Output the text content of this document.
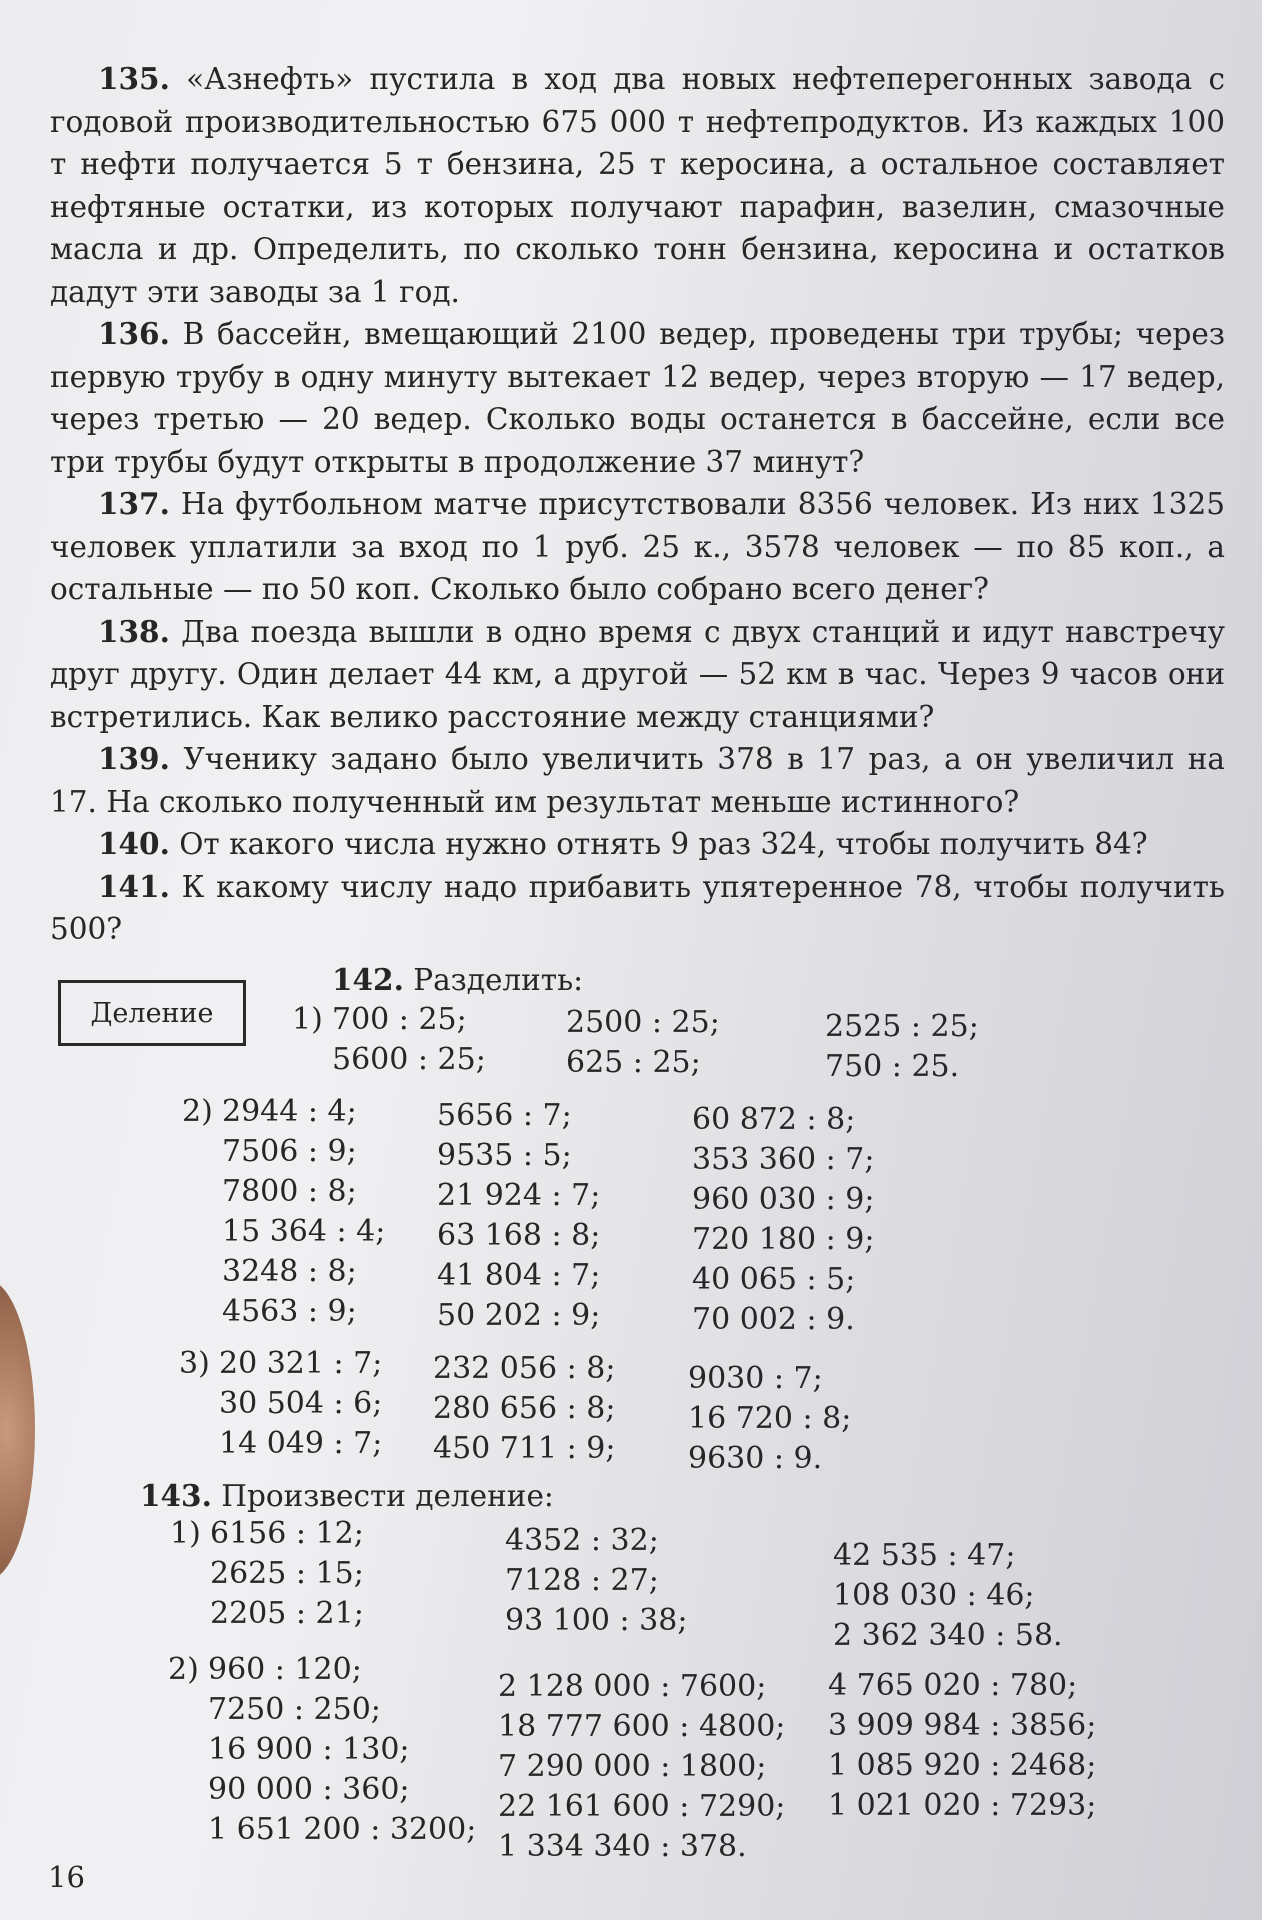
135. «Азнефть» пустила в ход два новых нефтеперегонных завода с годовой производительностью 675 000 т нефтепродуктов. Из каждых 100 т нефти получается 5 т бензина, 25 т керосина, а остальное составляет нефтяные остатки, из которых получают парафин, вазелин, смазочные масла и др. Определить, по сколько тонн бензина, керосина и остатков дадут эти заводы за 1 год.

136. В бассейн, вмещающий 2100 ведер, проведены три трубы; через первую трубу в одну минуту вытекает 12 ведер, через вторую — 17 ведер, через третью — 20 ведер. Сколько воды останется в бассейне, если все три трубы будут открыты в продолжение 37 минут?

137. На футбольном матче присутствовали 8356 человек. Из них 1325 человек уплатили за вход по 1 руб. 25 к., 3578 человек — по 85 коп., а остальные — по 50 коп. Сколько было собрано всего денег?

138. Два поезда вышли в одно время с двух станций и идут навстречу друг другу. Один делает 44 км, а другой — 52 км в час. Через 9 часов они встретились. Как велико расстояние между станциями?

139. Ученику задано было увеличить 378 в 17 раз, а он увеличил на 17. На сколько полученный им результат меньше истинного?

140. От какого числа нужно отнять 9 раз 324, чтобы получить 84?

141. К какому числу надо прибавить упятеренное 78, чтобы получить 500?

Деление
142. Разделить:
1) 700 : 25;
5600 : 25;
2500 : 25;
625 : 25;
2525 : 25;
750 : 25.
2) 2944 : 4;
7506 : 9;
7800 : 8;
15 364 : 4;
3248 : 8;
4563 : 9;
5656 : 7;
9535 : 5;
21 924 : 7;
63 168 : 8;
41 804 : 7;
50 202 : 9;
60 872 : 8;
353 360 : 7;
960 030 : 9;
720 180 : 9;
40 065 : 5;
70 002 : 9.
3) 20 321 : 7;
30 504 : 6;
14 049 : 7;
232 056 : 8;
280 656 : 8;
450 711 : 9;
9030 : 7;
16 720 : 8;
9630 : 9.
143. Произвести деление:
1) 6156 : 12;
2625 : 15;
2205 : 21;
4352 : 32;
7128 : 27;
93 100 : 38;
42 535 : 47;
108 030 : 46;
2 362 340 : 58.
2) 960 : 120;
7250 : 250;
16 900 : 130;
90 000 : 360;
1 651 200 : 3200;
2 128 000 : 7600;
18 777 600 : 4800;
7 290 000 : 1800;
22 161 600 : 7290;
1 334 340 : 378.
4 765 020 : 780;
3 909 984 : 3856;
1 085 920 : 2468;
1 021 020 : 7293;
16
